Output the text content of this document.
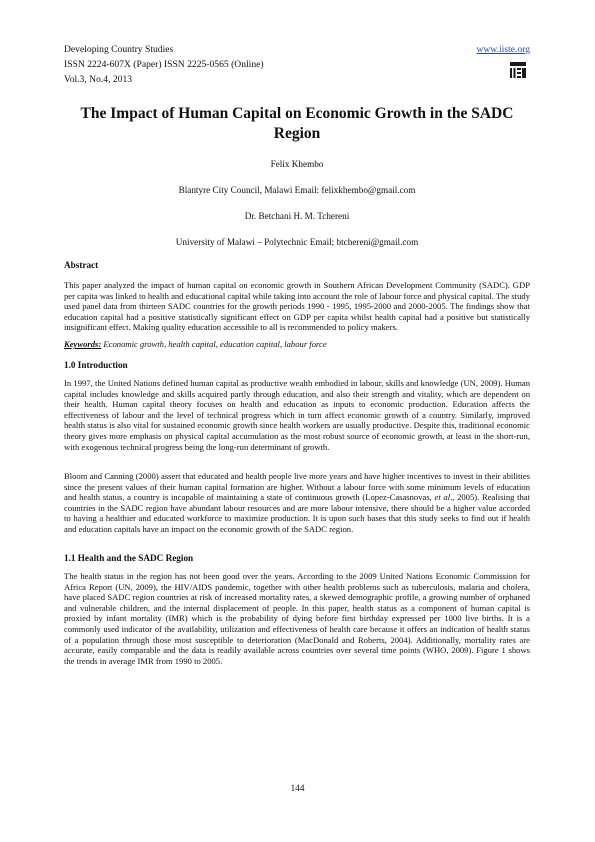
Developing Country Studies
ISSN 2224-607X (Paper) ISSN 2225-0565 (Online)
Vol.3, No.4, 2013
www.iiste.org
The Impact of Human Capital on Economic Growth in the SADC Region
Felix Khembo
Blantyre City Council, Malawi Email: felixkhembo@gmail.com
Dr. Betchani H. M. Tchereni
University of Malawi – Polytechnic Email; btchereni@gmail.com
Abstract
This paper analyzed the impact of human capital on economic growth in Southern African Development Community (SADC). GDP per capita was linked to health and educational capital while taking into account the role of labour force and physical capital. The study used panel data from thirteen SADC countries for the growth periods 1990 - 1995, 1995-2000 and 2000-2005. The findings show that education capital had a positive statistically significant effect on GDP per capita whilst health capital had a positive but statistically insignificant effect. Making quality education accessible to all is recommended to policy makers.
Keywords: Economic growth, health capital, education capital, labour force
1.0 Introduction
In 1997, the United Nations defined human capital as productive wealth embodied in labour, skills and knowledge (UN, 2009). Human capital includes knowledge and skills acquired partly through education, and also their strength and vitality, which are dependent on their health. Human capital theory focuses on health and education as inputs to economic production. Education affects the effectiveness of labour and the level of technical progress which in turn affect economic growth of a country. Similarly, improved health status is also vital for sustained economic growth since health workers are usually productive. Despite this, traditional economic theory gives more emphasis on physical capital accumulation as the most robust source of economic growth, at least in the short-run, with exogenous technical progress being the long-run determinant of growth.
Bloom and Canning (2000) assert that educated and health people live more years and have higher incentives to invest in their abilities since the present values of their human capital formation are higher. Without a labour force with some minimum levels of education and health status, a country is incapable of maintaining a state of continuous growth (Lopez-Casasnovas, et al., 2005). Realising that countries in the SADC region have abundant labour resources and are more labour intensive, there should be a higher value accorded to having a healthier and educated workforce to maximize production. It is upon such bases that this study seeks to find out if health and education capitals have an impact on the economic growth of the SADC region.
1.1 Health and the SADC Region
The health status in the region has not been good over the years. According to the 2009 United Nations Economic Commission for Africa Report (UN, 2009), the HIV/AIDS pandemic, together with other health problems such as tuberculosis, malaria and cholera, have placed SADC region countries at risk of increased mortality rates, a skewed demographic profile, a growing number of orphaned and vulnerable children, and the internal displacement of people. In this paper, health status as a component of human capital is proxied by infant mortality (IMR) which is the probability of dying before first birthday expressed per 1000 live births. It is a commonly used indicator of the availability, utilization and effectiveness of health care because it offers an indication of health status of a population through those most susceptible to deterioration (MacDonald and Roberts, 2004). Additionally, mortality rates are accurate, easily comparable and the data is readily available across countries over several time points (WHO, 2009). Figure 1 shows the trends in average IMR from 1990 to 2005.
144
